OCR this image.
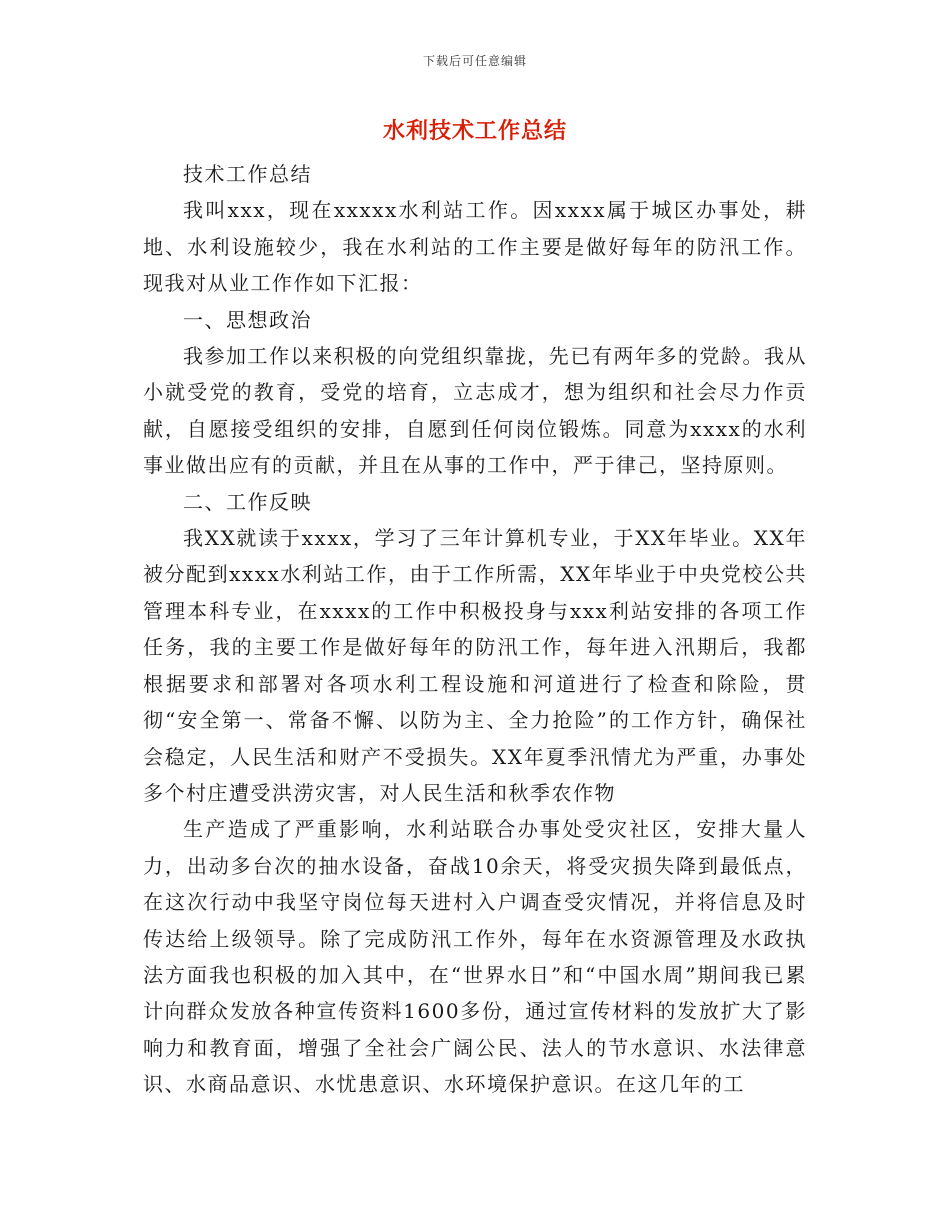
下载后可任意编辑
水利技术工作总结

技术工作总结

我叫xxx，现在xxxxx水利站工作。因xxxx属于城区办事处，耕地、水利设施较少，我在水利站的工作主要是做好每年的防汛工作。现我对从业工作作如下汇报：

一、思想政治

我参加工作以来积极的向党组织靠拢，先已有两年多的党龄。我从小就受党的教育，受党的培育，立志成才，想为组织和社会尽力作贡献，自愿接受组织的安排，自愿到任何岗位锻炼。同意为xxxx的水利事业做出应有的贡献，并且在从事的工作中，严于律己，坚持原则。

二、工作反映

我XX就读于xxxx，学习了三年计算机专业，于XX年毕业。XX年被分配到xxxx水利站工作，由于工作所需，XX年毕业于中央党校公共管理本科专业，在xxxx的工作中积极投身与xxx利站安排的各项工作任务，我的主要工作是做好每年的防汛工作，每年进入汛期后，我都根据要求和部署对各项水利工程设施和河道进行了检查和除险，贯彻“安全第一、常备不懈、以防为主、全力抢险”的工作方针，确保社会稳定，人民生活和财产不受损失。XX年夏季汛情尤为严重，办事处多个村庄遭受洪涝灾害，对人民生活和秋季农作物

生产造成了严重影响，水利站联合办事处受灾社区，安排大量人力，出动多台次的抽水设备，奋战10余天，将受灾损失降到最低点，在这次行动中我坚守岗位每天进村入户调查受灾情况，并将信息及时传达给上级领导。除了完成防汛工作外，每年在水资源管理及水政执法方面我也积极的加入其中，在“世界水日”和“中国水周”期间我已累计向群众发放各种宣传资料1600多份，通过宣传材料的发放扩大了影响力和教育面，增强了全社会广阔公民、法人的节水意识、水法律意识、水商品意识、水忧患意识、水环境保护意识。在这几年的工
